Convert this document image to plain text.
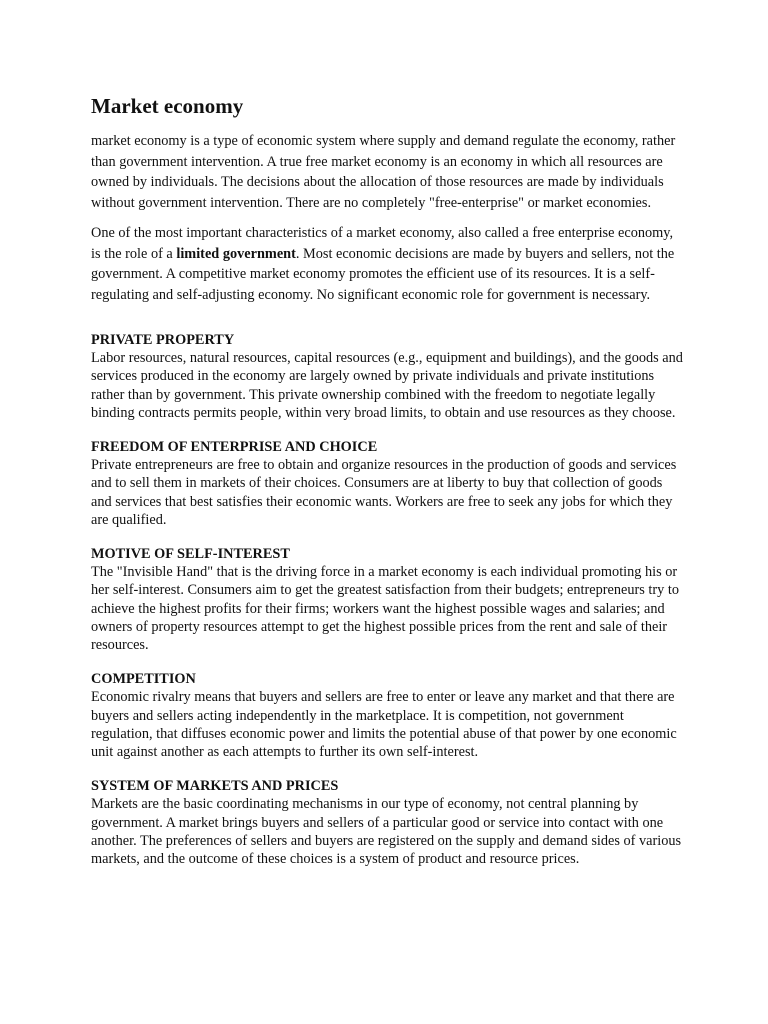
Market economy

market economy is a type of economic system where supply and demand regulate the economy, rather than government intervention. A true free market economy is an economy in which all resources are owned by individuals. The decisions about the allocation of those resources are made by individuals without government intervention. There are no completely "free-enterprise" or market economies.

One of the most important characteristics of a market economy, also called a free enterprise economy, is the role of a limited government. Most economic decisions are made by buyers and sellers, not the government. A competitive market economy promotes the efficient use of its resources. It is a self-regulating and self-adjusting economy. No significant economic role for government is necessary.

PRIVATE PROPERTY
Labor resources, natural resources, capital resources (e.g., equipment and buildings), and the goods and services produced in the economy are largely owned by private individuals and private institutions rather than by government. This private ownership combined with the freedom to negotiate legally binding contracts permits people, within very broad limits, to obtain and use resources as they choose.
FREEDOM OF ENTERPRISE AND CHOICE
Private entrepreneurs are free to obtain and organize resources in the production of goods and services and to sell them in markets of their choices. Consumers are at liberty to buy that collection of goods and services that best satisfies their economic wants. Workers are free to seek any jobs for which they are qualified.
MOTIVE OF SELF-INTEREST
The "Invisible Hand" that is the driving force in a market economy is each individual promoting his or her self-interest. Consumers aim to get the greatest satisfaction from their budgets; entrepreneurs try to achieve the highest profits for their firms; workers want the highest possible wages and salaries; and owners of property resources attempt to get the highest possible prices from the rent and sale of their resources.
COMPETITION
Economic rivalry means that buyers and sellers are free to enter or leave any market and that there are buyers and sellers acting independently in the marketplace. It is competition, not government regulation, that diffuses economic power and limits the potential abuse of that power by one economic unit against another as each attempts to further its own self-interest.
SYSTEM OF MARKETS AND PRICES
Markets are the basic coordinating mechanisms in our type of economy, not central planning by government. A market brings buyers and sellers of a particular good or service into contact with one another. The preferences of sellers and buyers are registered on the supply and demand sides of various markets, and the outcome of these choices is a system of product and resource prices.
